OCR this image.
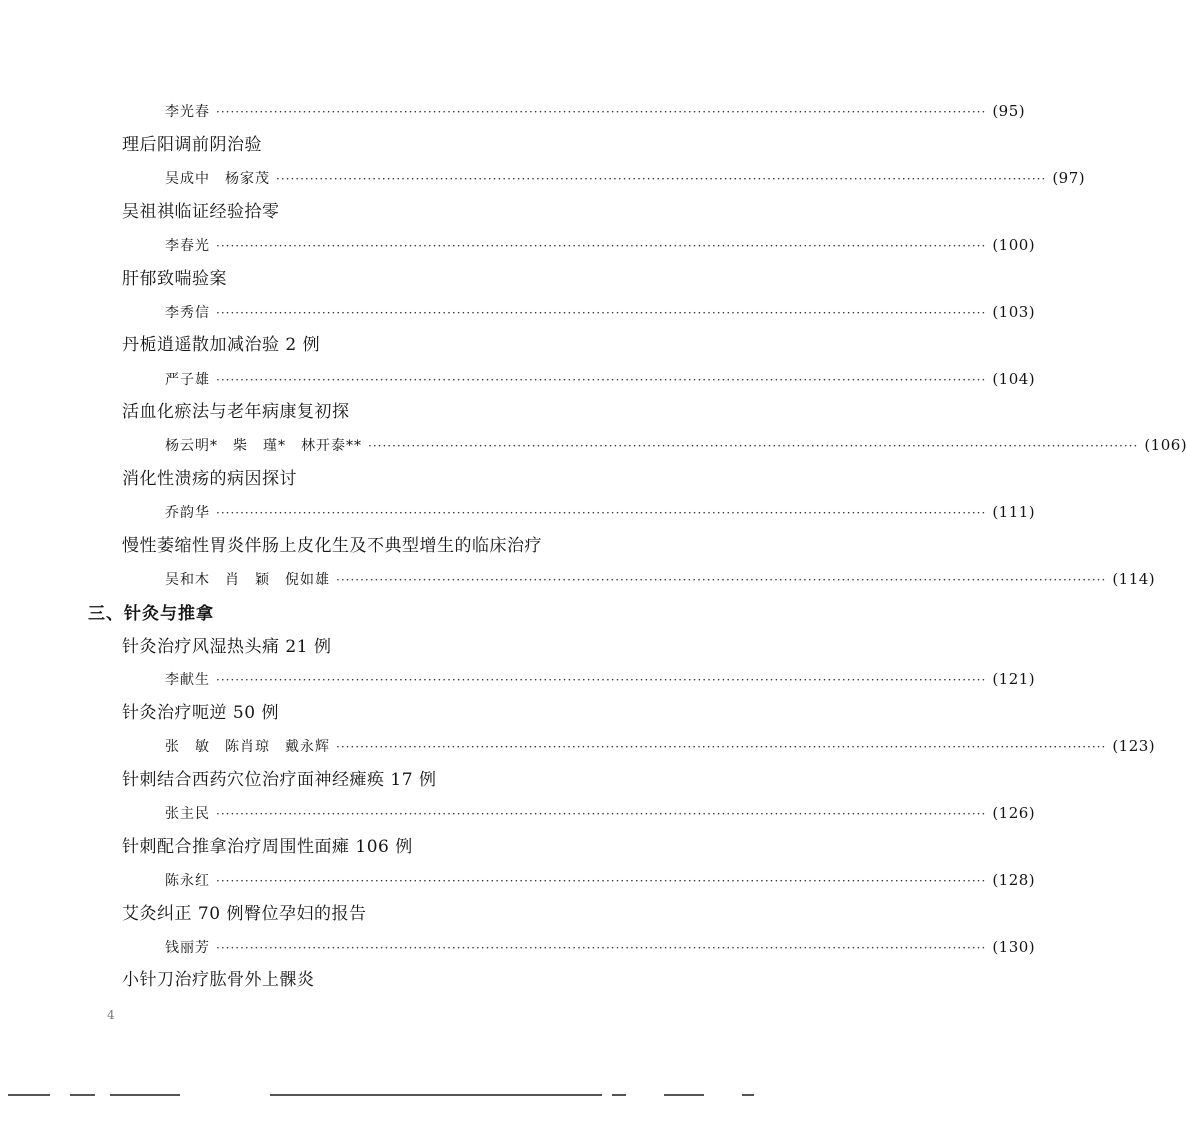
李光春 ································································································································································ (95)
理后阳调前阴治验
吴成中　杨家茂 ································································································································································ (97)
吴祖祺临证经验拾零
李春光 ································································································································································ (100)
肝郁致喘验案
李秀信 ································································································································································ (103)
丹栀逍遥散加减治验 2 例
严子雄 ································································································································································ (104)
活血化瘀法与老年病康复初探
杨云明*　柴　瑾*　林开泰** ································································································································································ (106)
消化性溃疡的病因探讨
乔韵华 ································································································································································ (111)
慢性萎缩性胃炎伴肠上皮化生及不典型增生的临床治疗
吴和木　肖　颖　倪如雄 ································································································································································ (114)
三、针灸与推拿
针灸治疗风湿热头痛 21 例
李献生 ································································································································································ (121)
针灸治疗呃逆 50 例
张　敏　陈肖琼　戴永辉 ································································································································································ (123)
针刺结合西药穴位治疗面神经瘫痪 17 例
张主民 ································································································································································ (126)
针刺配合推拿治疗周围性面瘫 106 例
陈永红 ································································································································································ (128)
艾灸纠正 70 例臀位孕妇的报告
钱丽芳 ································································································································································ (130)
小针刀治疗肱骨外上髁炎
4
